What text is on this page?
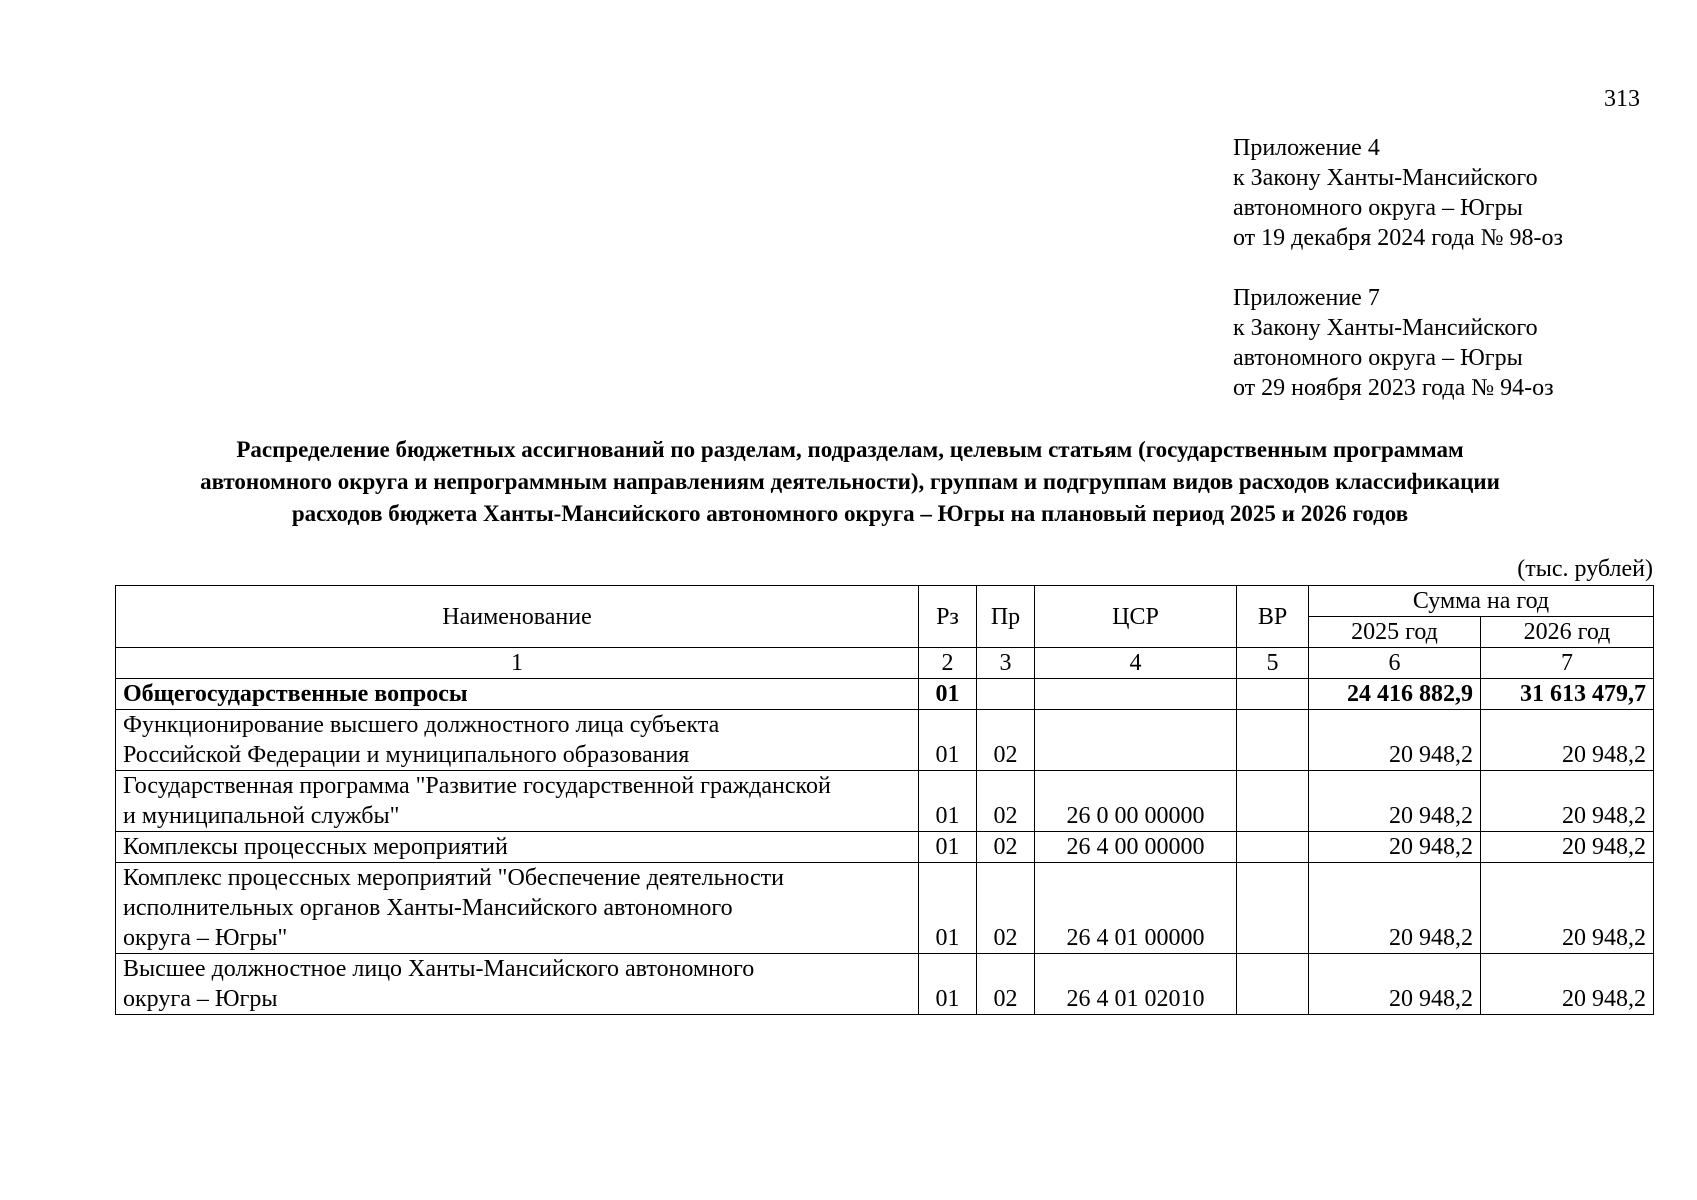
313
Приложение 4
к Закону Ханты-Мансийского
автономного округа – Югры
от 19 декабря 2024 года № 98-оз
Приложение 7
к Закону Ханты-Мансийского
автономного округа – Югры
от 29 ноября 2023 года № 94-оз
Распределение бюджетных ассигнований по разделам, подразделам, целевым статьям (государственным программам
автономного округа и непрограммным направлениям деятельности), группам и подгруппам видов расходов классификации
расходов бюджета Ханты-Мансийского автономного округа – Югры на плановый период 2025 и 2026 годов
(тыс. рублей)
Наименование	Рз	Пр	ЦСР	ВР	Сумма на год	
					2025 год	2026 год
1	2	3	4	5	6	7

Общегосударственные вопросы	01				24 416 882,9	31 613 479,7

Функционирование высшего должностного лица субъекта
Российской Федерации и муниципального образования	01	02			20 948,2	20 948,2

Государственная программа "Развитие государственной гражданской
и муниципальной службы"	01	02	26 0 00 00000		20 948,2	20 948,2

Комплексы процессных мероприятий	01	02	26 4 00 00000		20 948,2	20 948,2

Комплекс процессных мероприятий "Обеспечение деятельности
исполнительных органов Ханты-Мансийского автономного
округа – Югры"	01	02	26 4 01 00000		20 948,2	20 948,2

Высшее должностное лицо Ханты-Мансийского автономного
округа – Югры	01	02	26 4 01 02010		20 948,2	20 948,2
